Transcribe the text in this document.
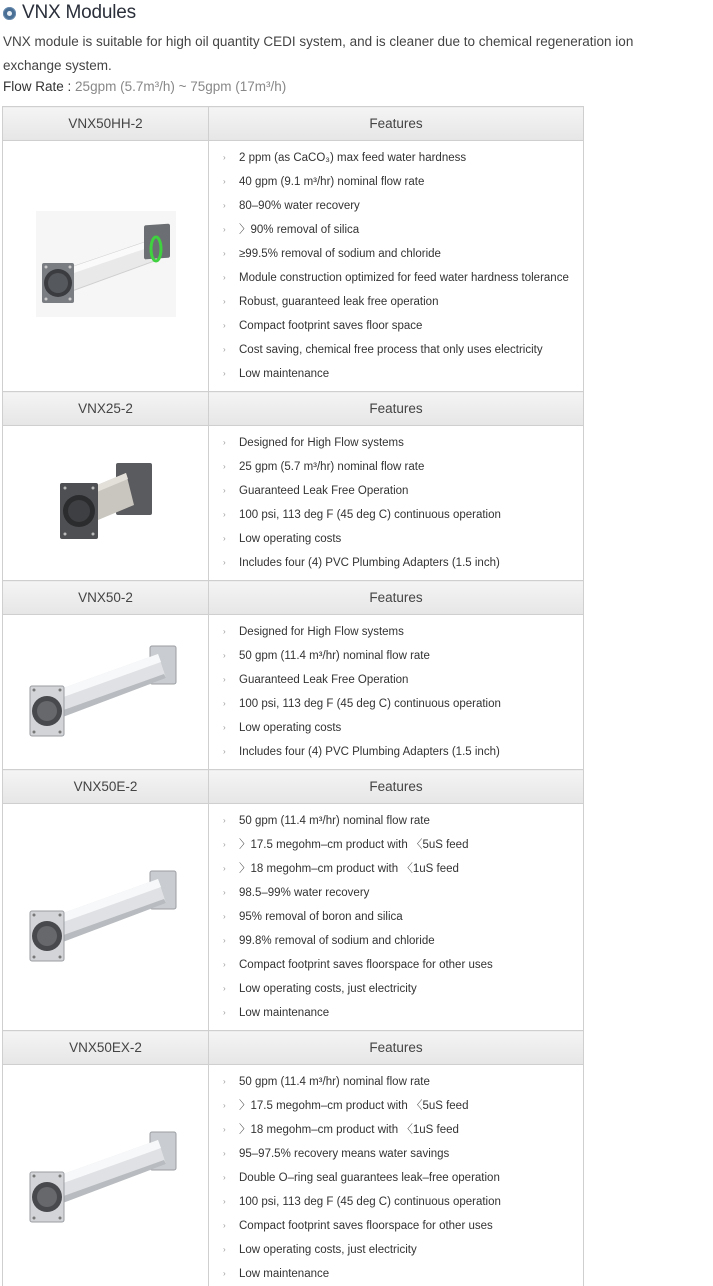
VNX Modules

VNX module is suitable for high oil quantity CEDI system, and is cleaner due to chemical regeneration ion exchange system.

Flow Rate : 25gpm (5.7m³/h) ~ 75gpm (17m³/h)
VNX50HH-2	Features

› 2 ppm (as CaCO₃) max feed water hardness
› 40 gpm (9.1 m³/hr) nominal flow rate
› 80–90% water recovery
› 〉90% removal of silica
› ≥99.5% removal of sodium and chloride
› Module construction optimized for feed water hardness tolerance
› Robust, guaranteed leak free operation
› Compact footprint saves floor space
› Cost saving, chemical free process that only uses electricity
› Low maintenance

VNX25-2	Features

› Designed for High Flow systems
› 25 gpm (5.7 m³/hr) nominal flow rate
› Guaranteed Leak Free Operation
› 100 psi, 113 deg F (45 deg C) continuous operation
› Low operating costs
› Includes four (4) PVC Plumbing Adapters (1.5 inch)

VNX50-2	Features

› Designed for High Flow systems
› 50 gpm (11.4 m³/hr) nominal flow rate
› Guaranteed Leak Free Operation
› 100 psi, 113 deg F (45 deg C) continuous operation
› Low operating costs
› Includes four (4) PVC Plumbing Adapters (1.5 inch)

VNX50E-2	Features

› 50 gpm (11.4 m³/hr) nominal flow rate
› 〉17.5 megohm–cm product with 〈5uS feed
› 〉18 megohm–cm product with 〈1uS feed
› 98.5–99% water recovery
› 95% removal of boron and silica
› 99.8% removal of sodium and chloride
› Compact footprint saves floorspace for other uses
› Low operating costs, just electricity
› Low maintenance

VNX50EX-2	Features

› 50 gpm (11.4 m³/hr) nominal flow rate
› 〉17.5 megohm–cm product with 〈5uS feed
› 〉18 megohm–cm product with 〈1uS feed
› 95–97.5% recovery means water savings
› Double O–ring seal guarantees leak–free operation
› 100 psi, 113 deg F (45 deg C) continuous operation
› Compact footprint saves floorspace for other uses
› Low operating costs, just electricity
› Low maintenance
